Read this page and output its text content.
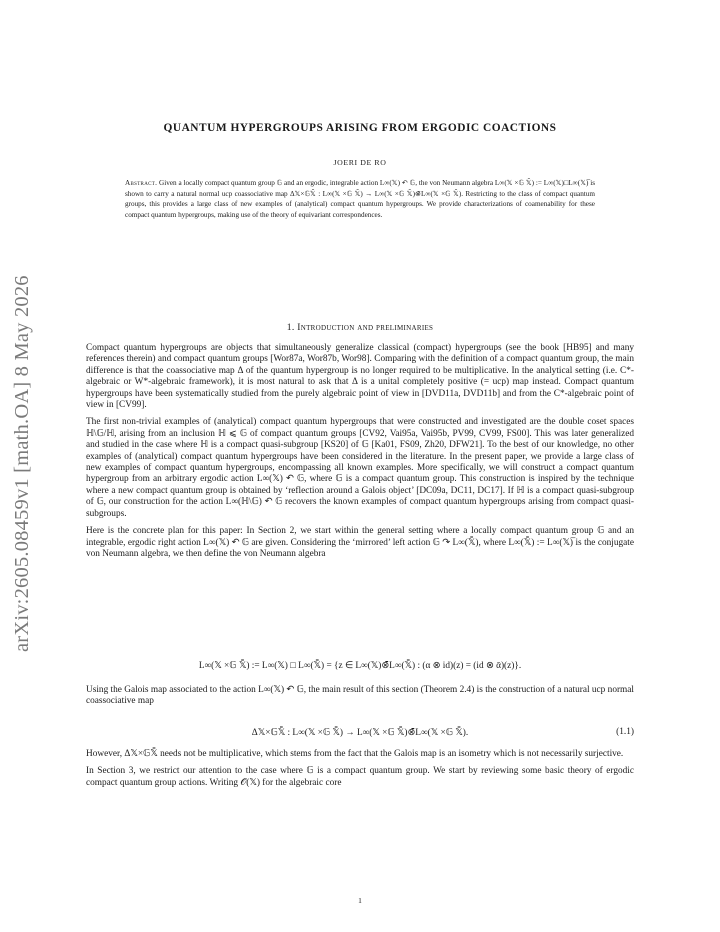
arXiv:2605.08459v1 [math.OA] 8 May 2026
QUANTUM HYPERGROUPS ARISING FROM ERGODIC COACTIONS
JOERI DE RO
Abstract. Given a locally compact quantum group 𝔾 and an ergodic, integrable action L∞(𝕏) ↶ 𝔾, the von Neumann algebra L∞(𝕏 ×𝔾 𝕏̄) := L∞(𝕏)□L∞(𝕏)̅ is shown to carry a natural normal ucp coassociative map Δ𝕏×𝔾𝕏̄ : L∞(𝕏 ×𝔾 𝕏̄) → L∞(𝕏 ×𝔾 𝕏̄)⊗̄L∞(𝕏 ×𝔾 𝕏̄). Restricting to the class of compact quantum groups, this provides a large class of new examples of (analytical) compact quantum hypergroups. We provide characterizations of coamenability for these compact quantum hypergroups, making use of the theory of equivariant correspondences.
1. Introduction and preliminaries

Compact quantum hypergroups are objects that simultaneously generalize classical (compact) hypergroups (see the book [HB95] and many references therein) and compact quantum groups [Wor87a, Wor87b, Wor98]. Comparing with the definition of a compact quantum group, the main difference is that the coassociative map Δ of the quantum hypergroup is no longer required to be multiplicative. In the analytical setting (i.e. C*-algebraic or W*-algebraic framework), it is most natural to ask that Δ is a unital completely positive (= ucp) map instead. Compact quantum hypergroups have been systematically studied from the purely algebraic point of view in [DVD11a, DVD11b] and from the C*-algebraic point of view in [CV99].

The first non-trivial examples of (analytical) compact quantum hypergroups that were constructed and investigated are the double coset spaces ℍ\𝔾/ℍ, arising from an inclusion ℍ ⩽ 𝔾 of compact quantum groups [CV92, Vai95a, Vai95b, PV99, CV99, FS00]. This was later generalized and studied in the case where ℍ is a compact quasi-subgroup [KS20] of 𝔾 [Ka01, FS09, Zh20, DFW21]. To the best of our knowledge, no other examples of (analytical) compact quantum hypergroups have been considered in the literature. In the present paper, we provide a large class of new examples of compact quantum hypergroups, encompassing all known examples. More specifically, we will construct a compact quantum hypergroup from an arbitrary ergodic action L∞(𝕏) ↶ 𝔾, where 𝔾 is a compact quantum group. This construction is inspired by the technique where a new compact quantum group is obtained by ‘reflection around a Galois object’ [DC09a, DC11, DC17]. If ℍ is a compact quasi-subgroup of 𝔾, our construction for the action L∞(ℍ\𝔾) ↶ 𝔾 recovers the known examples of compact quantum hypergroups arising from compact quasi-subgroups.

Here is the concrete plan for this paper: In Section 2, we start within the general setting where a locally compact quantum group 𝔾 and an integrable, ergodic right action L∞(𝕏) ↶ 𝔾 are given. Considering the ‘mirrored’ left action 𝔾 ↷ L∞(𝕏̄), where L∞(𝕏̄) := L∞(𝕏)̅ is the conjugate von Neumann algebra, we then define the von Neumann algebra

L∞(𝕏 ×𝔾 𝕏̄) := L∞(𝕏) □ L∞(𝕏̄) = {z ∈ L∞(𝕏)⊗̄L∞(𝕏̄) : (α ⊗ id)(z) = (id ⊗ ᾱ)(z)}.

Using the Galois map associated to the action L∞(𝕏) ↶ 𝔾, the main result of this section (Theorem 2.4) is the construction of a natural ucp normal coassociative map

Δ𝕏×𝔾𝕏̄ : L∞(𝕏 ×𝔾 𝕏̄) → L∞(𝕏 ×𝔾 𝕏̄)⊗̄L∞(𝕏 ×𝔾 𝕏̄).	(1.1)

However, Δ𝕏×𝔾𝕏̄ needs not be multiplicative, which stems from the fact that the Galois map is an isometry which is not necessarily surjective.

In Section 3, we restrict our attention to the case where 𝔾 is a compact quantum group. We start by reviewing some basic theory of ergodic compact quantum group actions. Writing 𝒪(𝕏) for the algebraic core

1
